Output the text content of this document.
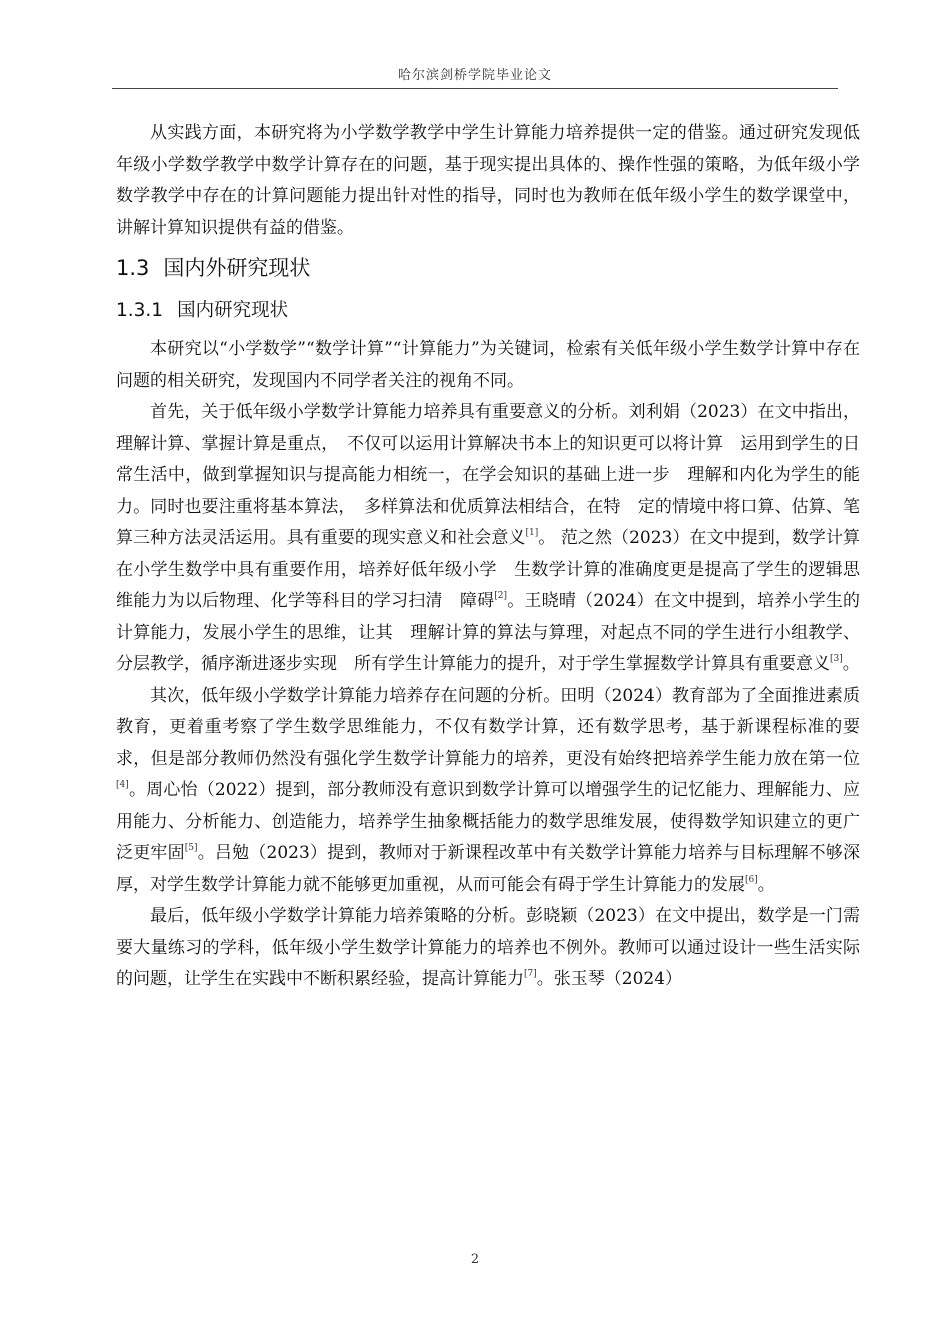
哈尔滨剑桥学院毕业论文

从实践方面，本研究将为小学数学教学中学生计算能力培养提供一定的借鉴。通过研究发现低年级小学数学教学中数学计算存在的问题，基于现实提出具体的、操作性强的策略，为低年级小学数学教学中存在的计算问题能力提出针对性的指导，同时也为教师在低年级小学生的数学课堂中，讲解计算知识提供有益的借鉴。

1.3 国内外研究现状
1.3.1 国内研究现状

本研究以“小学数学”“数学计算”“计算能力”为关键词，检索有关低年级小学生数学计算中存在问题的相关研究，发现国内不同学者关注的视角不同。

首先，关于低年级小学数学计算能力培养具有重要意义的分析。刘利娟（2023）在文中指出，理解计算、掌握计算是重点，　不仅可以运用计算解决书本上的知识更可以将计算　运用到学生的日常生活中，做到掌握知识与提高能力相统一，在学会知识的基础上进一步　理解和内化为学生的能力。同时也要注重将基本算法，　多样算法和优质算法相结合，在特　定的情境中将口算、估算、笔算三种方法灵活运用。具有重要的现实意义和社会意义[1]。 范之然（2023）在文中提到，数学计算在小学生数学中具有重要作用，培养好低年级小学　生数学计算的准确度更是提高了学生的逻辑思维能力为以后物理、化学等科目的学习扫清　障碍[2]。王晓晴（2024）在文中提到，培养小学生的计算能力，发展小学生的思维，让其　理解计算的算法与算理，对起点不同的学生进行小组教学、分层教学，循序渐进逐步实现　所有学生计算能力的提升，对于学生掌握数学计算具有重要意义[3]。

其次，低年级小学数学计算能力培养存在问题的分析。田明（2024）教育部为了全面推进素质教育，更着重考察了学生数学思维能力，不仅有数学计算，还有数学思考，基于新课程标准的要求，但是部分教师仍然没有强化学生数学计算能力的培养，更没有始终把培养学生能力放在第一位[4]。周心怡（2022）提到，部分教师没有意识到数学计算可以增强学生的记忆能力、理解能力、应用能力、分析能力、创造能力，培养学生抽象概括能力的数学思维发展，使得数学知识建立的更广泛更牢固[5]。吕勉（2023）提到，教师对于新课程改革中有关数学计算能力培养与目标理解不够深厚，对学生数学计算能力就不能够更加重视，从而可能会有碍于学生计算能力的发展[6]。

最后，低年级小学数学计算能力培养策略的分析。彭晓颖（2023）在文中提出，数学是一门需要大量练习的学科，低年级小学生数学计算能力的培养也不例外。教师可以通过设计一些生活实际的问题，让学生在实践中不断积累经验，提高计算能力[7]。张玉琴（2024）

2
